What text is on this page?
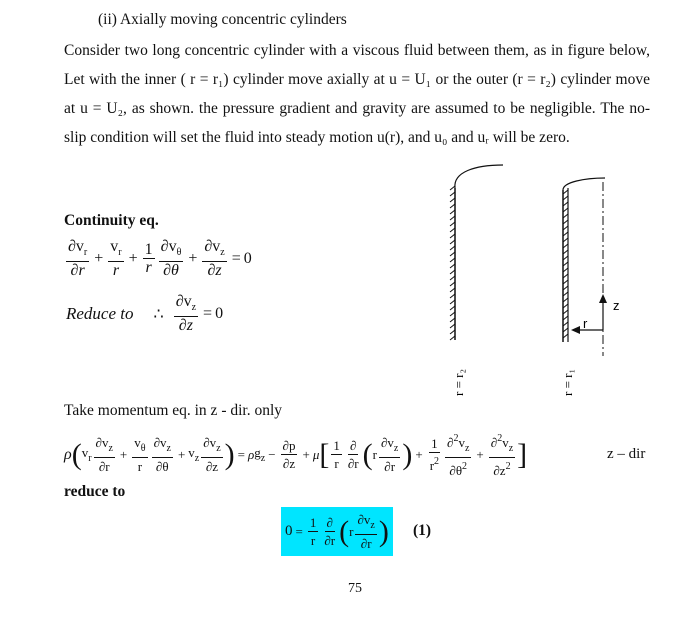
(ii) Axially moving concentric cylinders

Consider two long concentric cylinder with a viscous fluid between them, as in figure below, Let with the inner ( r = r₁) cylinder move axially at u = U₁ or the outer (r = r₂) cylinder move at u = U₂, as shown. the pressure gradient and gravity are assumed to be negligible. The no-slip condition will set the fluid into steady motion u(r), and u₀ and uᵣ will be zero.

Continuity eq.
$\frac{\partial v_r}{\partial r} + \frac{v_r}{r} + \frac{1}{r} \frac{\partial v_\theta}{\partial\theta} + \frac{\partial v_z}{\partial z} = 0$
Reduce to ∴ $\frac{\partial v_z}{\partial z} = 0$	z
r
r = r₂	r = r₁
Take momentum eq. in z - dir. only
ρ ( $v_r \frac{\partial v_z}{\partial r} + \frac{v_\theta}{r} \frac{\partial v_z}{\partial\theta} + v_z \frac{\partial v_z}{\partial z}$ ) = ρ $g_z - \frac{\partial p}{\partial z} + \mu$ [ $\frac{1}{r} \frac{\partial}{\partial r}$ ( r $\frac{\partial v_z}{\partial r}$ ) + $\frac{1}{r^2} \frac{\partial^2v_z}{\partial\theta^2} + \frac{\partial^2v_z}{\partial z^2}$ ]	z – dir
reduce to
$0 = \frac{1}{r} \frac{\partial}{\partial r}$ ( r $\frac{\partial v_z}{\partial r}$ ) (1)
75
